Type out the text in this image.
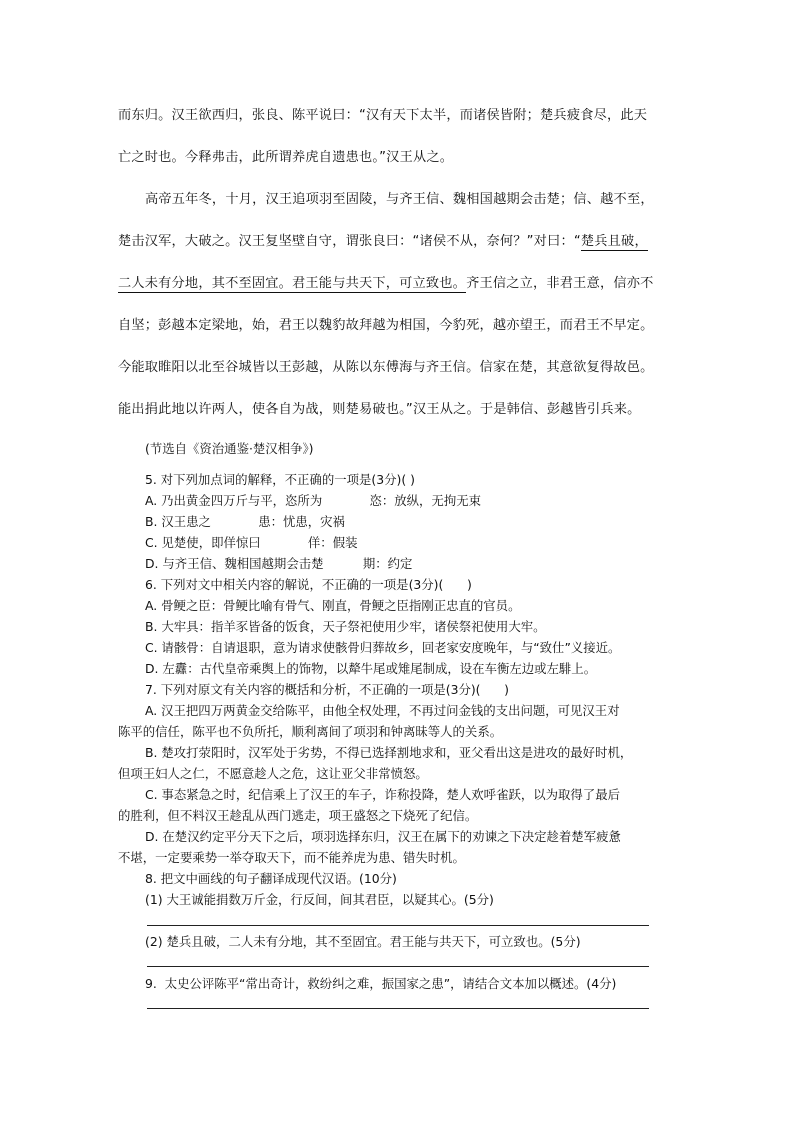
而东归。汉王欲西归，张良、陈平说曰：“汉有天下太半，而诸侯皆附；楚兵疲食尽，此天
亡之时也。今释弗击，此所谓养虎自遗患也。”汉王从之。
高帝五年冬，十月，汉王追项羽至固陵，与齐王信、魏相国越期会击楚；信、越不至，
楚击汉军，大破之。汉王复坚壁自守，谓张良曰：“诸侯不从，奈何？”对曰：“楚兵且破，
二人未有分地，其不至固宜。君王能与共天下，可立致也。齐王信之立，非君王意，信亦不
自坚；彭越本定梁地，始，君王以魏豹故拜越为相国，今豹死，越亦望王，而君王不早定。
今能取睢阳以北至谷城皆以王彭越，从陈以东傅海与齐王信。信家在楚，其意欲复得故邑。
能出捐此地以许两人，使各自为战，则楚易破也。”汉王从之。于是韩信、彭越皆引兵来。
(节选自《资治通鉴·楚汉相争》)
5. 对下列加点词的解释，不正确的一项是(3分)( )
A. 乃出黄金四万斤与平，恣所为            恣：放纵，无拘无束
B. 汉王患之            患：忧患，灾祸
C. 见楚使，即佯惊曰            佯：假装
D. 与齐王信、魏相国越期会击楚          期：约定
6. 下列对文中相关内容的解说，不正确的一项是(3分)(      )
A. 骨鲠之臣：骨鲠比喻有骨气、刚直，骨鲠之臣指刚正忠直的官员。
B. 大牢具：指羊豕皆备的饭食，天子祭祀使用少牢，诸侯祭祀使用大牢。
C. 请骸骨：自请退职，意为请求使骸骨归葬故乡，回老家安度晚年，与“致仕”义接近。
D. 左纛：古代皇帝乘舆上的饰物，以犛牛尾或雉尾制成，设在车衡左边或左騑上。
7. 下列对原文有关内容的概括和分析，不正确的一项是(3分)(      )
A. 汉王把四万两黄金交给陈平，由他全权处理，不再过问金钱的支出问题，可见汉王对
陈平的信任，陈平也不负所托，顺利离间了项羽和钟离昧等人的关系。
B. 楚攻打荥阳时，汉军处于劣势，不得已选择割地求和，亚父看出这是进攻的最好时机，
但项王妇人之仁，不愿意趁人之危，这让亚父非常愤怒。
C. 事态紧急之时，纪信乘上了汉王的车子，诈称投降，楚人欢呼雀跃，以为取得了最后
的胜利，但不料汉王趁乱从西门逃走，项王盛怒之下烧死了纪信。
D. 在楚汉约定平分天下之后，项羽选择东归，汉王在属下的劝谏之下决定趁着楚军疲惫
不堪，一定要乘势一举夺取天下，而不能养虎为患、错失时机。
8. 把文中画线的句子翻译成现代汉语。(10分)
(1) 大王诚能捐数万斤金，行反间，间其君臣，以疑其心。(5分)
(2) 楚兵且破，二人未有分地，其不至固宜。君王能与共天下，可立致也。(5分)
9.  太史公评陈平“常出奇计，救纷纠之难，振国家之患”，请结合文本加以概述。(4分)
